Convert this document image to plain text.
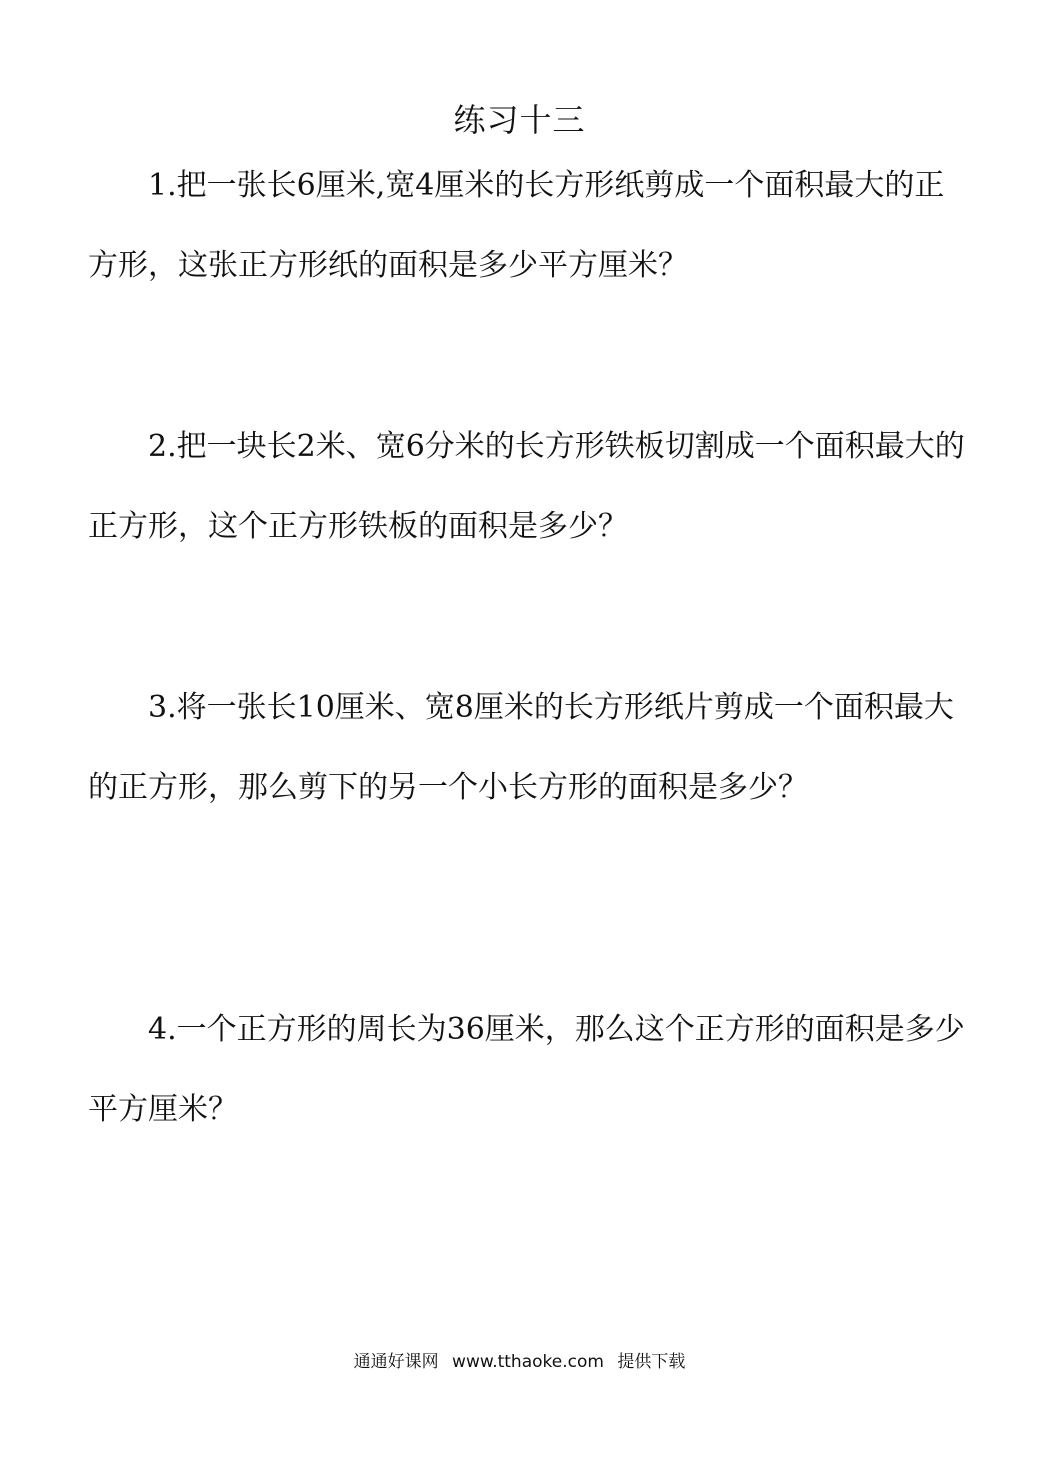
练习十三
1.把一张长6厘米,宽4厘米的长方形纸剪成一个面积最大的正
方形，这张正方形纸的面积是多少平方厘米？
2.把一块长2米、宽6分米的长方形铁板切割成一个面积最大的
正方形，这个正方形铁板的面积是多少？
3.将一张长10厘米、宽8厘米的长方形纸片剪成一个面积最大
的正方形，那么剪下的另一个小长方形的面积是多少？
4.一个正方形的周长为36厘米，那么这个正方形的面积是多少
平方厘米？
通通好课网 www.tthaoke.com 提供下载
